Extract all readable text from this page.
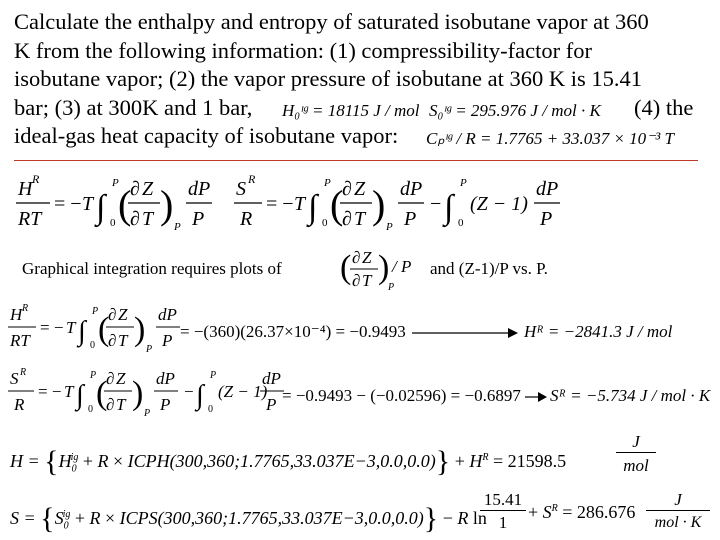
Calculate the enthalpy and entropy of saturated isobutane vapor at 360
K from the following information: (1) compressibility-factor for
isobutane vapor; (2) the vapor pressure of isobutane at 360 K is 15.41
bar; (3) at 300K and 1 bar, H₀ᶦᵍ = 18115 J / mol S₀ᶦᵍ = 295.976 J / mol · K (4) the
ideal-gas heat capacity of isobutane vapor: Cₚᶦᵍ / R = 1.7765 + 33.037 × 10⁻³ T
H R
RT
= − T ∫
P
0 (
∂ Z
∂ T ) P
dP
P
S R
R
= − T ∫
P
0 (
∂ Z
∂ T ) P
dP
P
− ∫
P
0
(Z − 1)
dP
P
Graphical integration requires plots of ( ∂ Z
∂ T ) / P
P
and (Z-1)/P vs. P.
H R
RT
= − T ∫
P
0 (
∂ Z
∂ T )
P
dP
P = −(360)(26.37×10⁻⁴) = −0.9493	Hᴿ = −2841.3 J / mol
S R
R
= − T ∫
P
0 (
∂ Z
∂ T )
P
dP
P
− ∫
P
0
(Z − 1)
dP
P = −0.9493 − (−0.02596) = −0.6897 Sᴿ = −5.734 J / mol · K
$H = \{H_0^{ig} + R$ × ICPH(300,360;1.7765,33.037E−3,0.0,0.0)} + $H^R = 21598.5$
J
mol
$S = \{S_0^{ig} + R$ × ICPS(300,360;1.7765,33.037E−3,0.0,0.0)} − R ln
15.41
1
+ $S^R = 286.676$
J
mol · K
